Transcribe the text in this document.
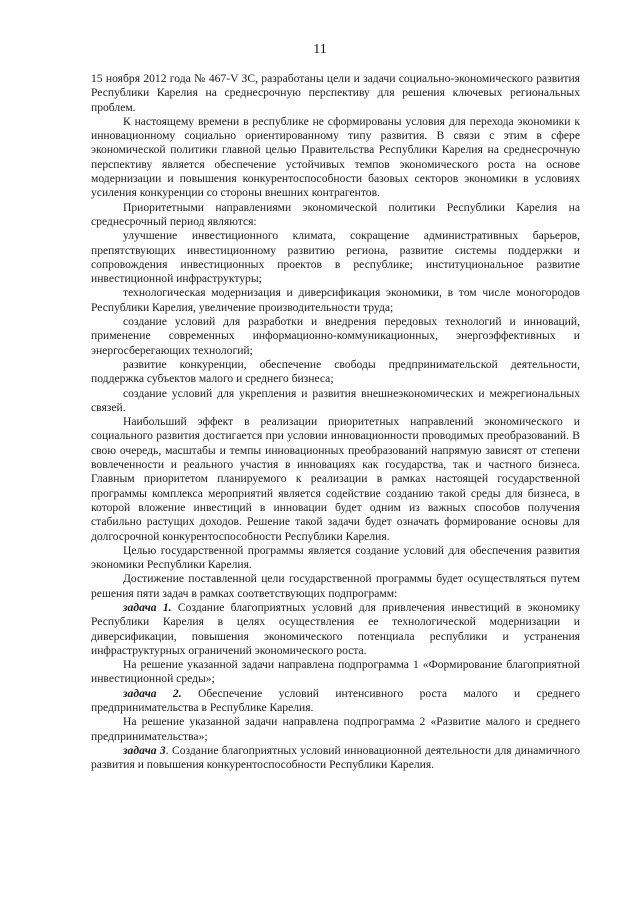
11

15 ноября 2012 года № 467-V ЗС, разработаны цели и задачи социально-экономического развития Республики Карелия на среднесрочную перспективу для решения ключевых региональных проблем.

К настоящему времени в республике не сформированы условия для перехода экономики к инновационному социально ориентированному типу развития. В связи с этим в сфере экономической политики главной целью Правительства Республики Карелия на среднесрочную перспективу является обеспечение устойчивых темпов экономического роста на основе модернизации и повышения конкурентоспособности базовых секторов экономики в условиях усиления конкуренции со стороны внешних контрагентов.

Приоритетными направлениями экономической политики Республики Карелия на среднесрочный период являются:

улучшение инвестиционного климата, сокращение административных барьеров, препятствующих инвестиционному развитию региона, развитие системы поддержки и сопровождения инвестиционных проектов в республике; институциональное развитие инвестиционной инфраструктуры;

технологическая модернизация и диверсификация экономики, в том числе моногородов Республики Карелия, увеличение производительности труда;

создание условий для разработки и внедрения передовых технологий и инноваций, применение современных информационно-коммуникационных, энергоэффективных и энергосберегающих технологий;

развитие конкуренции, обеспечение свободы предпринимательской деятельности, поддержка субъектов малого и среднего бизнеса;

создание условий для укрепления и развития внешнеэкономических и межрегиональных связей.

Наибольший эффект в реализации приоритетных направлений экономического и социального развития достигается при условии инновационности проводимых преобразований. В свою очередь, масштабы и темпы инновационных преобразований напрямую зависят от степени вовлеченности и реального участия в инновациях как государства, так и частного бизнеса. Главным приоритетом планируемого к реализации в рамках настоящей государственной программы комплекса мероприятий является содействие созданию такой среды для бизнеса, в которой вложение инвестиций в инновации будет одним из важных способов получения стабильно растущих доходов. Решение такой задачи будет означать формирование основы для долгосрочной конкурентоспособности Республики Карелия.

Целью государственной программы является создание условий для обеспечения развития экономики Республики Карелия.

Достижение поставленной цели государственной программы будет осуществляться путем решения пяти задач в рамках соответствующих подпрограмм:

задача 1. Создание благоприятных условий для привлечения инвестиций в экономику Республики Карелия в целях осуществления ее технологической модернизации и диверсификации, повышения экономического потенциала республики и устранения инфраструктурных ограничений экономического роста.

На решение указанной задачи направлена подпрограмма 1 «Формирование благоприятной инвестиционной среды»;

задача 2. Обеспечение условий интенсивного роста малого и среднего предпринимательства в Республике Карелия.

На решение указанной задачи направлена подпрограмма 2 «Развитие малого и среднего предпринимательства»;

задача 3. Создание благоприятных условий инновационной деятельности для динамичного развития и повышения конкурентоспособности Республики Карелия.
